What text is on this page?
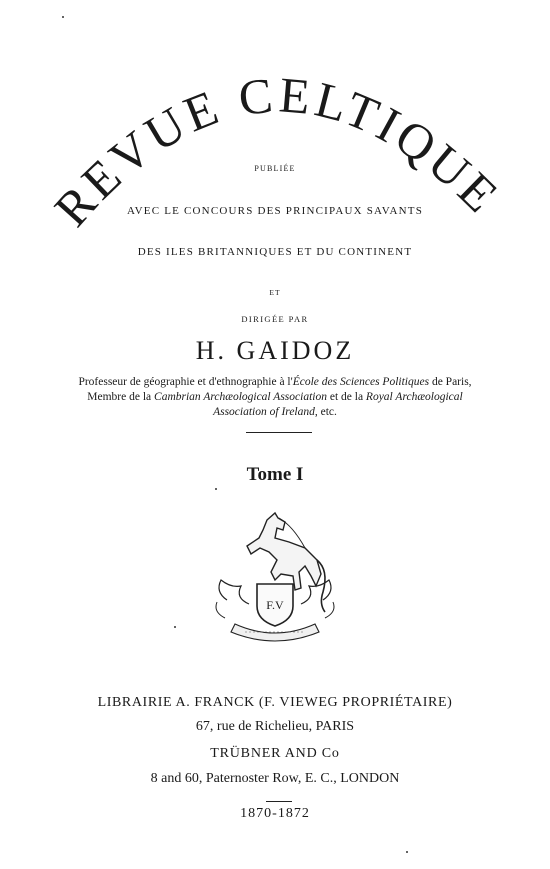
REVUE CELTIQUE
PUBLIÉE
AVEC LE CONCOURS DES PRINCIPAUX SAVANTS
DES ILES BRITANNIQUES ET DU CONTINENT
ET
DIRIGÉE PAR
H. GAIDOZ
Professeur de géographie et d'ethnographie à l'École des Sciences Politiques de Paris,
Membre de la Cambrian Archæological Association et de la Royal Archæological
Association of Ireland, etc.
Tome I
F.V
LIBRAIRIE A. FRANCK (F. VIEWEG PROPRIÉTAIRE)
67, rue de Richelieu, PARIS
TRÜBNER AND Co
8 and 60, Paternoster Row, E. C., LONDON
1870-1872
